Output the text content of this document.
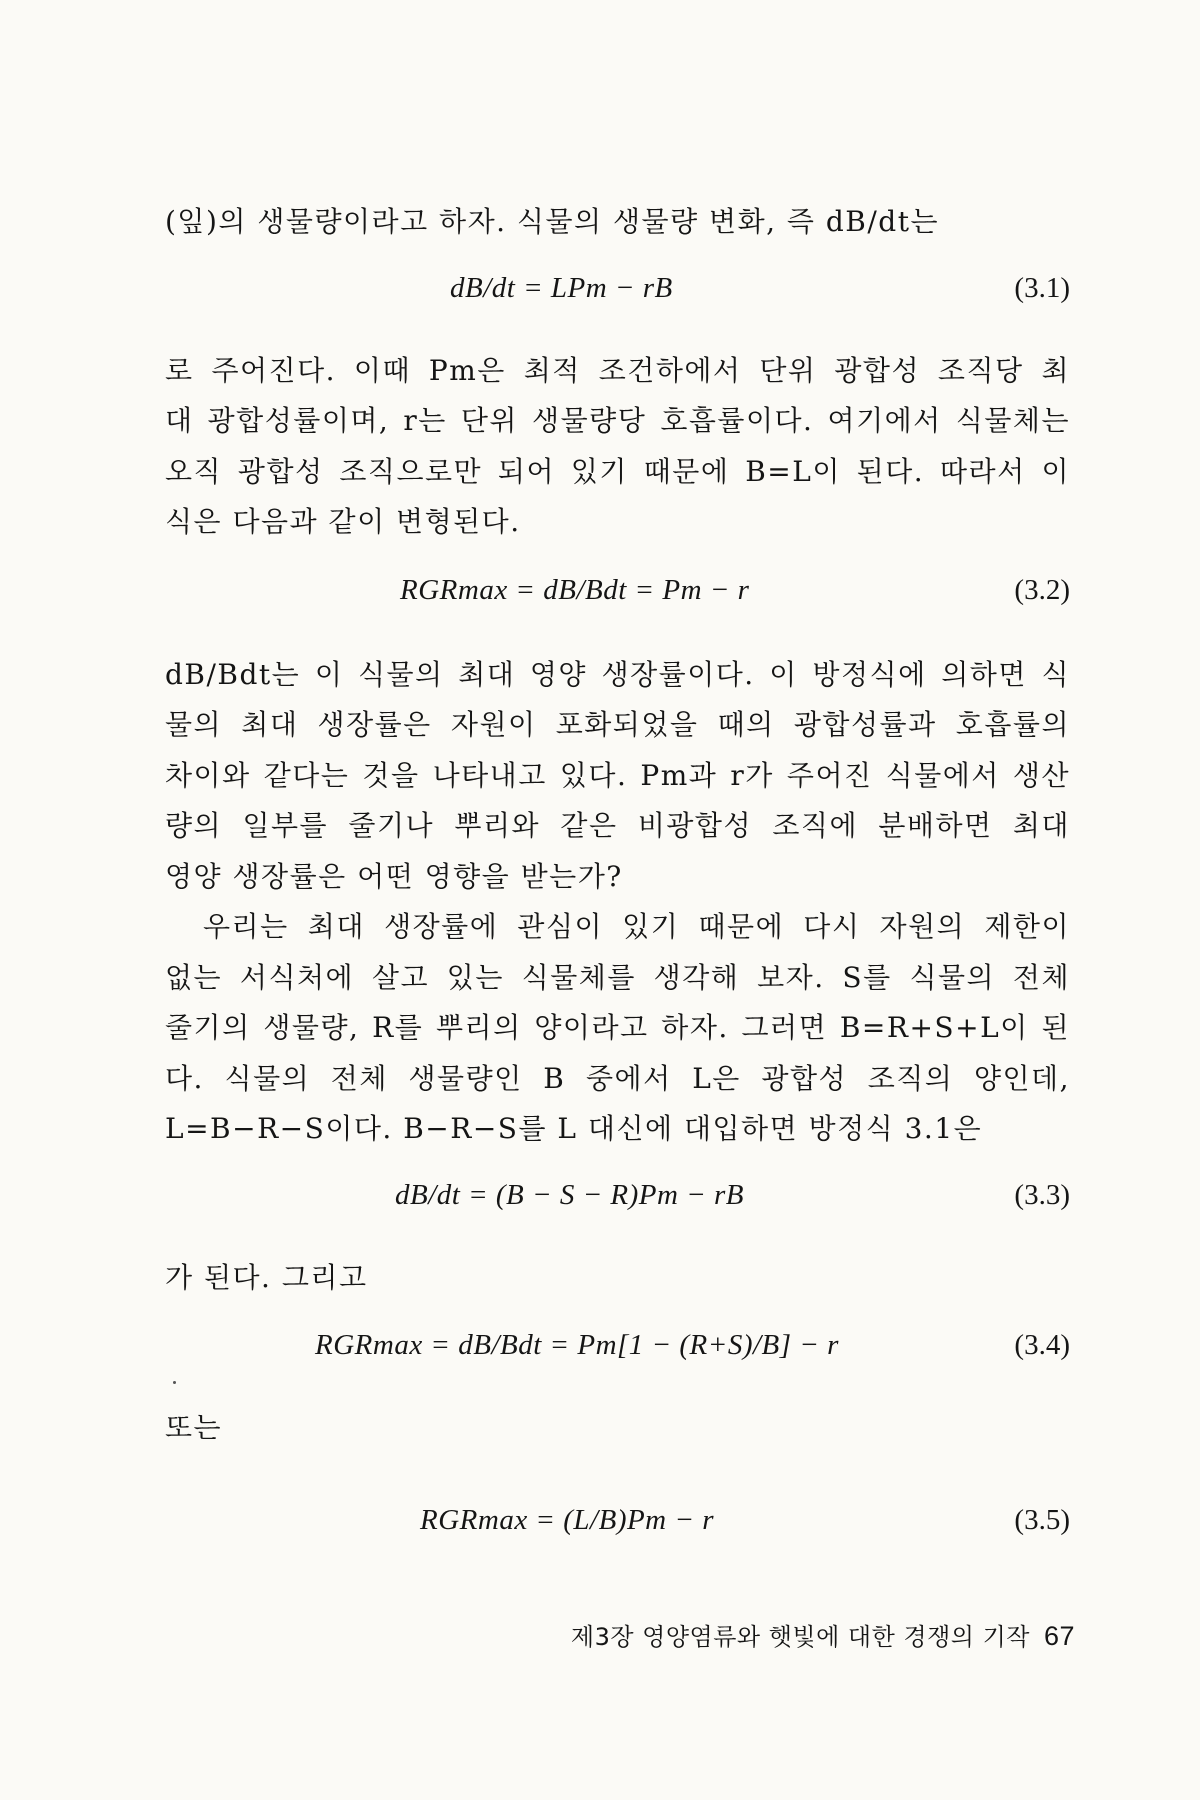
(잎)의 생물량이라고 하자. 식물의 생물량 변화, 즉 dB/dt는

dB/dt = LPm − rB	(3.1)

로 주어진다. 이때 Pm은 최적 조건하에서 단위 광합성 조직당 최

대 광합성률이며, r는 단위 생물량당 호흡률이다. 여기에서 식물체는

오직 광합성 조직으로만 되어 있기 때문에 B=L이 된다. 따라서 이

식은 다음과 같이 변형된다.

RGRmax = dB/Bdt = Pm − r	(3.2)

dB/Bdt는 이 식물의 최대 영양 생장률이다. 이 방정식에 의하면 식

물의 최대 생장률은 자원이 포화되었을 때의 광합성률과 호흡률의

차이와 같다는 것을 나타내고 있다. Pm과 r가 주어진 식물에서 생산

량의 일부를 줄기나 뿌리와 같은 비광합성 조직에 분배하면 최대

영양 생장률은 어떤 영향을 받는가?

우리는 최대 생장률에 관심이 있기 때문에 다시 자원의 제한이

없는 서식처에 살고 있는 식물체를 생각해 보자. S를 식물의 전체

줄기의 생물량, R를 뿌리의 양이라고 하자. 그러면 B=R+S+L이 된

다. 식물의 전체 생물량인 B 중에서 L은 광합성 조직의 양인데,

L=B−R−S이다. B−R−S를 L 대신에 대입하면 방정식 3.1은

dB/dt = (B − S − R)Pm − rB	(3.3)

가 된다. 그리고

RGRmax = dB/Bdt = Pm[1 − (R+S)/B] − r	(3.4)

또는

RGRmax = (L/B)Pm − r	(3.5)
제3장 영양염류와 햇빛에 대한 경쟁의 기작 67
